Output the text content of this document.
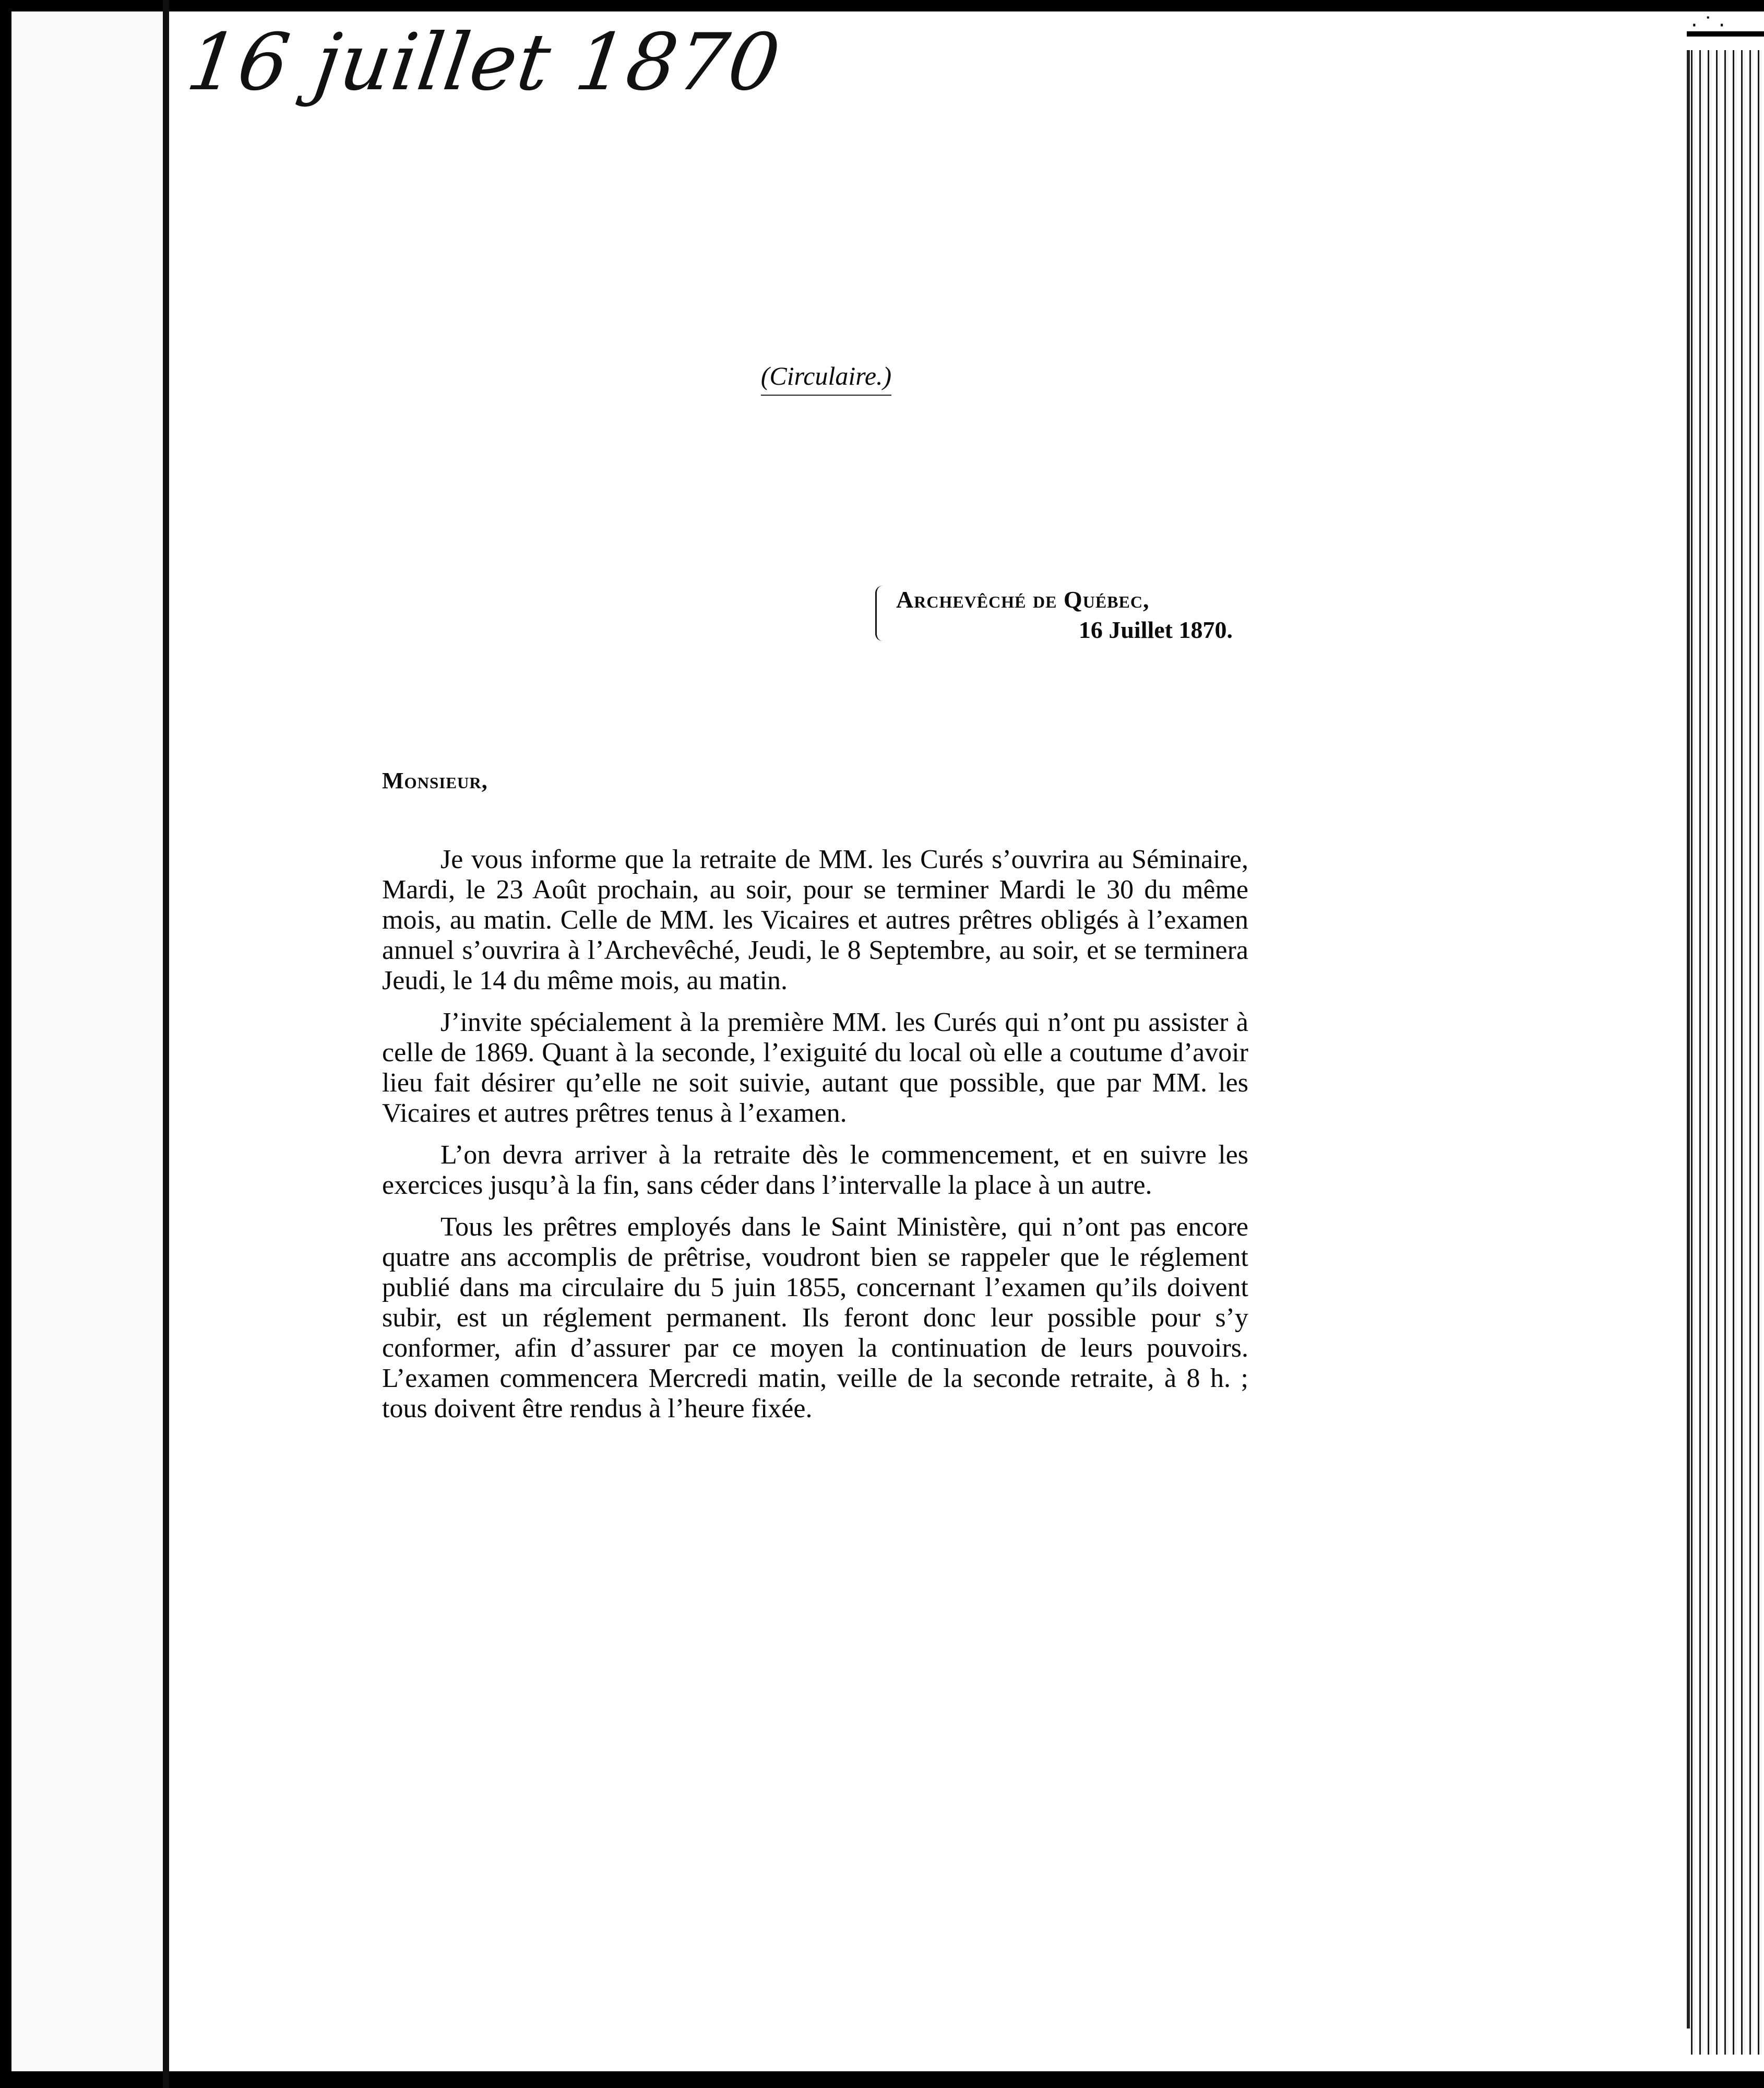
·˙·
16 juillet 1870

(Circulaire.)

Archevêché de Québec,
16 Juillet 1870.
Monsieur,

Je vous informe que la retraite de MM. les Curés s’ouvrira au Séminaire, Mardi, le 23 Août prochain, au soir, pour se terminer Mardi le 30 du même mois, au matin. Celle de MM. les Vicaires et autres prêtres obligés à l’examen annuel s’ouvrira à l’Archevêché, Jeudi, le 8 Septembre, au soir, et se terminera Jeudi, le 14 du même mois, au matin.

J’invite spécialement à la première MM. les Curés qui n’ont pu assister à celle de 1869. Quant à la seconde, l’exiguité du local où elle a coutume d’avoir lieu fait désirer qu’elle ne soit suivie, autant que possible, que par MM. les Vicaires et autres prêtres tenus à l’examen.

L’on devra arriver à la retraite dès le commencement, et en suivre les exercices jusqu’à la fin, sans céder dans l’intervalle la place à un autre.

Tous les prêtres employés dans le Saint Ministère, qui n’ont pas encore quatre ans accomplis de prêtrise, voudront bien se rappeler que le réglement publié dans ma circulaire du 5 juin 1855, concernant l’examen qu’ils doivent subir, est un réglement permanent. Ils feront donc leur possible pour s’y conformer, afin d’assurer par ce moyen la continuation de leurs pouvoirs. L’examen commencera Mercredi matin, veille de la seconde retraite, à 8 h. ; tous doivent être rendus à l’heure fixée.
